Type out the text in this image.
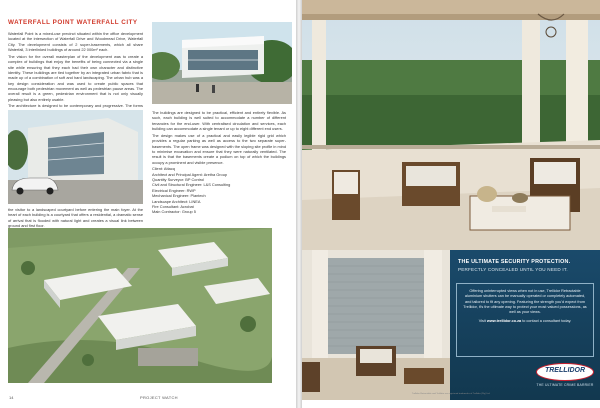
WATERFALL POINT WATERFALL CITY

Waterfall Point is a mixed-use precinct situated within the office development located at the intersection of Waterfall Drive and Woodmead Drive, Waterfall City. The development consists of 2 super-basements, which all share Waterfall, 3 interlinked buildings of around 22 000m² each.

The vision for the overall masterplan of the development was to create a complex of buildings that enjoy the benefits of being connected via a single site while ensuring that they each had their own character and distinctive identity. These buildings are tied together by an integrated urban fabric that is made up of a combination of soft and hard landscaping. The urban hub was a key design consideration and was used to create public spaces that encourage both pedestrian movement as well as pedestrian pause areas. The overall result is a green, pedestrian environment that is not only visually pleasing but also entirely usable.

The architecture is designed to be contemporary and progressive. The forms

The buildings are designed to be practical, efficient and entirely flexible. As such, each building is well suited to accommodate a number of different tenancies for the end-user. With centralised circulation and services, each building can accommodate a single tenant or up to eight different end users.

The design makes use of a practical and easily legible rigid grid which provides a regular parking as well as access to the two separate super-basements. The open frame was designed with the sloping site profile in mind to minimise excavation and ensure that they were naturally ventilated. The result is that the basements create a podium on top of which the buildings occupy a prominent and visible presence.

Client: Attacq

Architect and Principal Agent: Aretha Group

Quantity Surveyor: BP Control

Civil and Structural Engineer: L&S Consulting

Electrical Engineer: RWP

Mechanical Engineer: Plantech

Landscape Architect: LINEA

Fire Consultant: Acrobat

Main Contractor: Group 5

the visitor to a landscaped courtyard before entering the main foyer. At the heart of each building is a courtyard that offers a residential, a dramatic sense of arrival that is flooded with natural light and creates a visual link between ground and first floor.

14	PROJECT WATCH
THE ULTIMATE SECURITY PROTECTION.
PERFECTLY CONCEALED UNTIL YOU NEED IT.
Offering uninterrupted views when not in use, Trellidor Retractable aluminium shutters can be manually operated or completely automated, and tailored to fit any opening. Featuring the strength you'd expect from Trellidor, it's the ultimate way to protect your most valued possessions, as well as your views.
Visit www.trellidor.co.za to contact a consultant today.
TRELLIDOR
THE ULTIMATE CRIME BARRIER
Trellidor Retractable and Trellidor are registered trademarks of Trellidor (Pty) Ltd.
